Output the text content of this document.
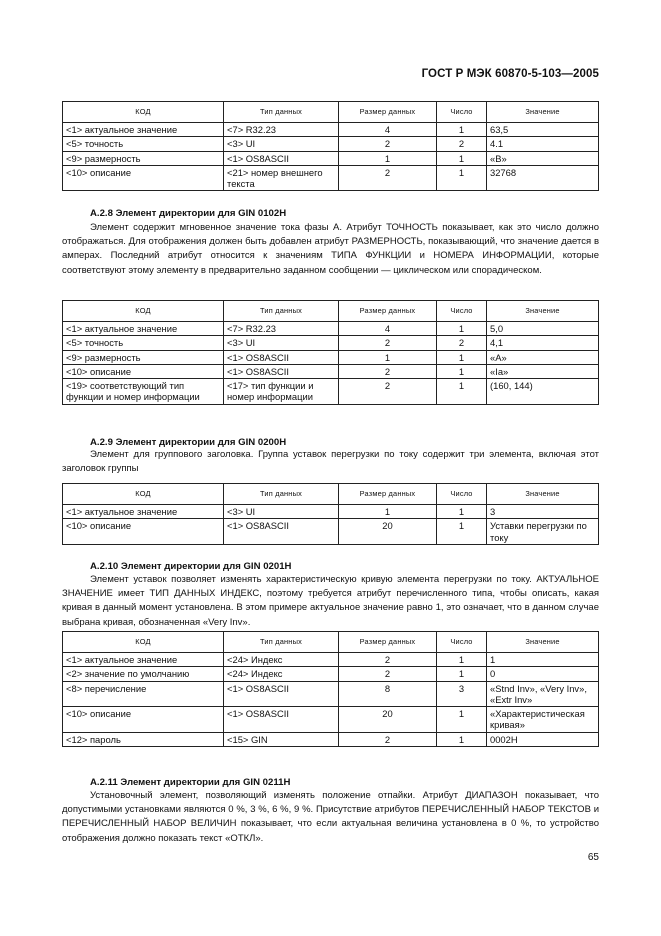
ГОСТ Р МЭК 60870-5-103—2005
КОД	Тип данных	Размер данных	Число	Значение
<1> актуальное значение	<7> R32.23	4	1	63,5
<5> точность	<3> UI	2	2	4.1
<9> размерность	<1> OS8ASCII	1	1	«B»
<10> описание	<21> номер внешнего текста	2	1	32768
А.2.8 Элемент директории для GIN 0102H

Элемент содержит мгновенное значение тока фазы А. Атрибут ТОЧНОСТЬ показывает, как это число должно отображаться. Для отображения должен быть добавлен атрибут РАЗМЕРНОСТЬ, показывающий, что значение дается в амперах. Последний атрибут относится к значениям ТИПА ФУНКЦИИ и НОМЕРА ИНФОРМАЦИИ, которые соответствуют этому элементу в предварительно заданном сообщении — циклическом или спорадическом.

КОД	Тип данных	Размер данных	Число	Значение
<1> актуальное значение	<7> R32.23	4	1	5,0
<5> точность	<3> UI	2	2	4,1
<9> размерность	<1> OS8ASCII	1	1	«A»
<10> описание	<1> OS8ASCII	2	1	«Ia»
<19> соответствующий тип функции и номер информации	<17> тип функции и номер информации	2	1	(160, 144)
А.2.9 Элемент директории для GIN 0200H

Элемент для группового заголовка. Группа уставок перегрузки по току содержит три элемента, включая этот заголовок группы

КОД	Тип данных	Размер данных	Число	Значение
<1> актуальное значение	<3> UI	1	1	3
<10> описание	<1> OS8ASCII	20	1	Уставки перегрузки по току
А.2.10 Элемент директории для GIN 0201H

Элемент уставок позволяет изменять характеристическую кривую элемента перегрузки по току. АКТУАЛЬНОЕ ЗНАЧЕНИЕ имеет ТИП ДАННЫХ ИНДЕКС, поэтому требуется атрибут перечисленного типа, чтобы описать, какая кривая в данный момент установлена. В этом примере актуальное значение равно 1, это означает, что в данном случае выбрана кривая, обозначенная «Very Inv».

КОД	Тип данных	Размер данных	Число	Значение
<1> актуальное значение	<24> Индекс	2	1	1
<2> значение по умолчанию	<24> Индекс	2	1	0
<8> перечисление	<1> OS8ASCII	8	3	«Stnd Inv», «Very Inv», «Extr Inv»
<10> описание	<1> OS8ASCII	20	1	«Характеристическая кривая»
<12> пароль	<15> GIN	2	1	0002H
А.2.11 Элемент директории для GIN 0211H

Установочный элемент, позволяющий изменять положение отпайки. Атрибут ДИАПАЗОН показывает, что допустимыми установками являются 0 %, 3 %, 6 %, 9 %. Присутствие атрибутов ПЕРЕЧИСЛЕННЫЙ НАБОР ТЕКСТОВ и ПЕРЕЧИСЛЕННЫЙ НАБОР ВЕЛИЧИН показывает, что если актуальная величина установлена в 0 %, то устройство отображения должно показать текст «ОТКЛ».

65
